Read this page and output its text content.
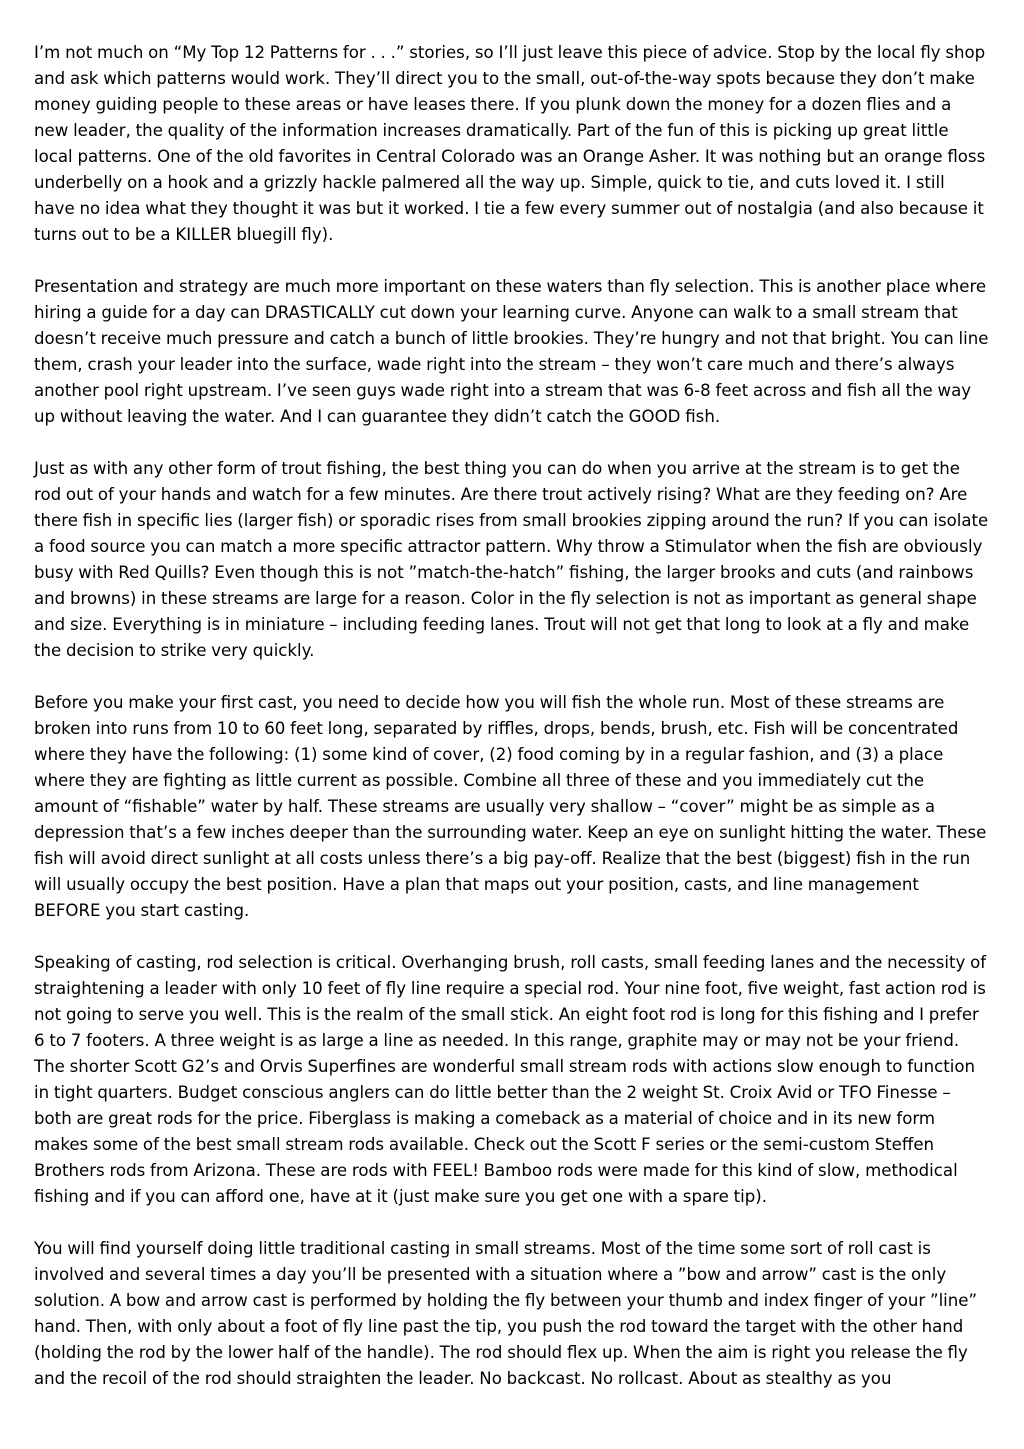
I’m not much on “My Top 12 Patterns for . . .” stories, so I’ll just leave this piece of advice. Stop by the local fly shop and ask which patterns would work. They’ll direct you to the small, out-of-the-way spots because they don’t make money guiding people to these areas or have leases there. If you plunk down the money for a dozen flies and a new leader, the quality of the information increases dramatically. Part of the fun of this is picking up great little local patterns. One of the old favorites in Central Colorado was an Orange Asher. It was nothing but an orange floss underbelly on a hook and a grizzly hackle palmered all the way up. Simple, quick to tie, and cuts loved it. I still have no idea what they thought it was but it worked. I tie a few every summer out of nostalgia (and also because it turns out to be a KILLER bluegill fly).

Presentation and strategy are much more important on these waters than fly selection. This is another place where hiring a guide for a day can DRASTICALLY cut down your learning curve. Anyone can walk to a small stream that doesn’t receive much pressure and catch a bunch of little brookies. They’re hungry and not that bright. You can line them, crash your leader into the surface, wade right into the stream – they won’t care much and there’s always another pool right upstream. I’ve seen guys wade right into a stream that was 6-8 feet across and fish all the way up without leaving the water. And I can guarantee they didn’t catch the GOOD fish.

Just as with any other form of trout fishing, the best thing you can do when you arrive at the stream is to get the rod out of your hands and watch for a few minutes. Are there trout actively rising? What are they feeding on? Are there fish in specific lies (larger fish) or sporadic rises from small brookies zipping around the run? If you can isolate a food source you can match a more specific attractor pattern. Why throw a Stimulator when the fish are obviously busy with Red Quills? Even though this is not ”match-the-hatch” fishing, the larger brooks and cuts (and rainbows and browns) in these streams are large for a reason. Color in the fly selection is not as important as general shape and size. Everything is in miniature – including feeding lanes. Trout will not get that long to look at a fly and make the decision to strike very quickly.

Before you make your first cast, you need to decide how you will fish the whole run. Most of these streams are broken into runs from 10 to 60 feet long, separated by riffles, drops, bends, brush, etc. Fish will be concentrated where they have the following: (1) some kind of cover, (2) food coming by in a regular fashion, and (3) a place where they are fighting as little current as possible. Combine all three of these and you immediately cut the amount of “fishable” water by half. These streams are usually very shallow – “cover” might be as simple as a depression that’s a few inches deeper than the surrounding water. Keep an eye on sunlight hitting the water. These fish will avoid direct sunlight at all costs unless there’s a big pay-off. Realize that the best (biggest) fish in the run will usually occupy the best position. Have a plan that maps out your position, casts, and line management BEFORE you start casting.

Speaking of casting, rod selection is critical. Overhanging brush, roll casts, small feeding lanes and the necessity of straightening a leader with only 10 feet of fly line require a special rod. Your nine foot, five weight, fast action rod is not going to serve you well. This is the realm of the small stick. An eight foot rod is long for this fishing and I prefer 6 to 7 footers. A three weight is as large a line as needed. In this range, graphite may or may not be your friend. The shorter Scott G2’s and Orvis Superfines are wonderful small stream rods with actions slow enough to function in tight quarters. Budget conscious anglers can do little better than the 2 weight St. Croix Avid or TFO Finesse – both are great rods for the price. Fiberglass is making a comeback as a material of choice and in its new form makes some of the best small stream rods available. Check out the Scott F series or the semi-custom Steffen Brothers rods from Arizona. These are rods with FEEL! Bamboo rods were made for this kind of slow, methodical fishing and if you can afford one, have at it (just make sure you get one with a spare tip).

You will find yourself doing little traditional casting in small streams. Most of the time some sort of roll cast is involved and several times a day you’ll be presented with a situation where a ”bow and arrow” cast is the only solution. A bow and arrow cast is performed by holding the fly between your thumb and index finger of your ”line” hand. Then, with only about a foot of fly line past the tip, you push the rod toward the target with the other hand (holding the rod by the lower half of the handle). The rod should flex up. When the aim is right you release the fly and the recoil of the rod should straighten the leader. No backcast. No rollcast. About as stealthy as you
